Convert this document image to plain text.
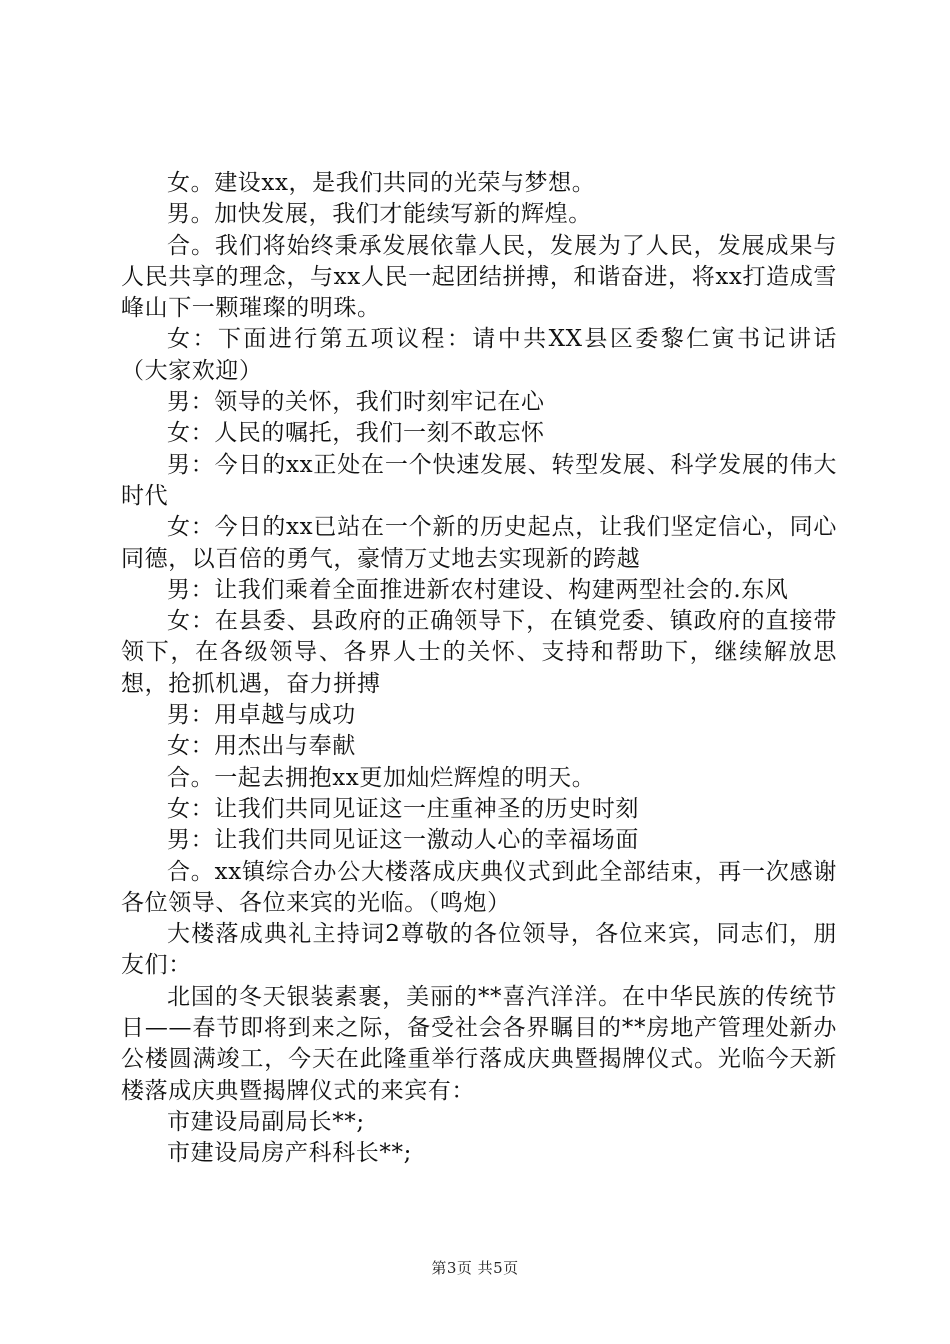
女。建设xx，是我们共同的光荣与梦想。

男。加快发展，我们才能续写新的辉煌。

合。我们将始终秉承发展依靠人民，发展为了人民，发展成果与人民共享的理念，与xx人民一起团结拼搏，和谐奋进，将xx打造成雪峰山下一颗璀璨的明珠。

女：下面进行第五项议程：请中共XX县区委黎仁寅书记讲话（大家欢迎）

男：领导的关怀，我们时刻牢记在心

女：人民的嘱托，我们一刻不敢忘怀

男：今日的xx正处在一个快速发展、转型发展、科学发展的伟大时代

女：今日的xx已站在一个新的历史起点，让我们坚定信心，同心同德，以百倍的勇气，豪情万丈地去实现新的跨越

男：让我们乘着全面推进新农村建设、构建两型社会的.东风

女：在县委、县政府的正确领导下，在镇党委、镇政府的直接带领下，在各级领导、各界人士的关怀、支持和帮助下，继续解放思想，抢抓机遇，奋力拼搏

男：用卓越与成功

女：用杰出与奉献

合。一起去拥抱xx更加灿烂辉煌的明天。

女：让我们共同见证这一庄重神圣的历史时刻

男：让我们共同见证这一激动人心的幸福场面

合。xx镇综合办公大楼落成庆典仪式到此全部结束，再一次感谢各位领导、各位来宾的光临。（鸣炮）

大楼落成典礼主持词2尊敬的各位领导，各位来宾，同志们，朋友们：

北国的冬天银装素裹，美丽的**喜汽洋洋。在中华民族的传统节日——春节即将到来之际，备受社会各界瞩目的**房地产管理处新办公楼圆满竣工，今天在此隆重举行落成庆典暨揭牌仪式。光临今天新楼落成庆典暨揭牌仪式的来宾有：

市建设局副局长**;

市建设局房产科科长**;

第3页 共5页
